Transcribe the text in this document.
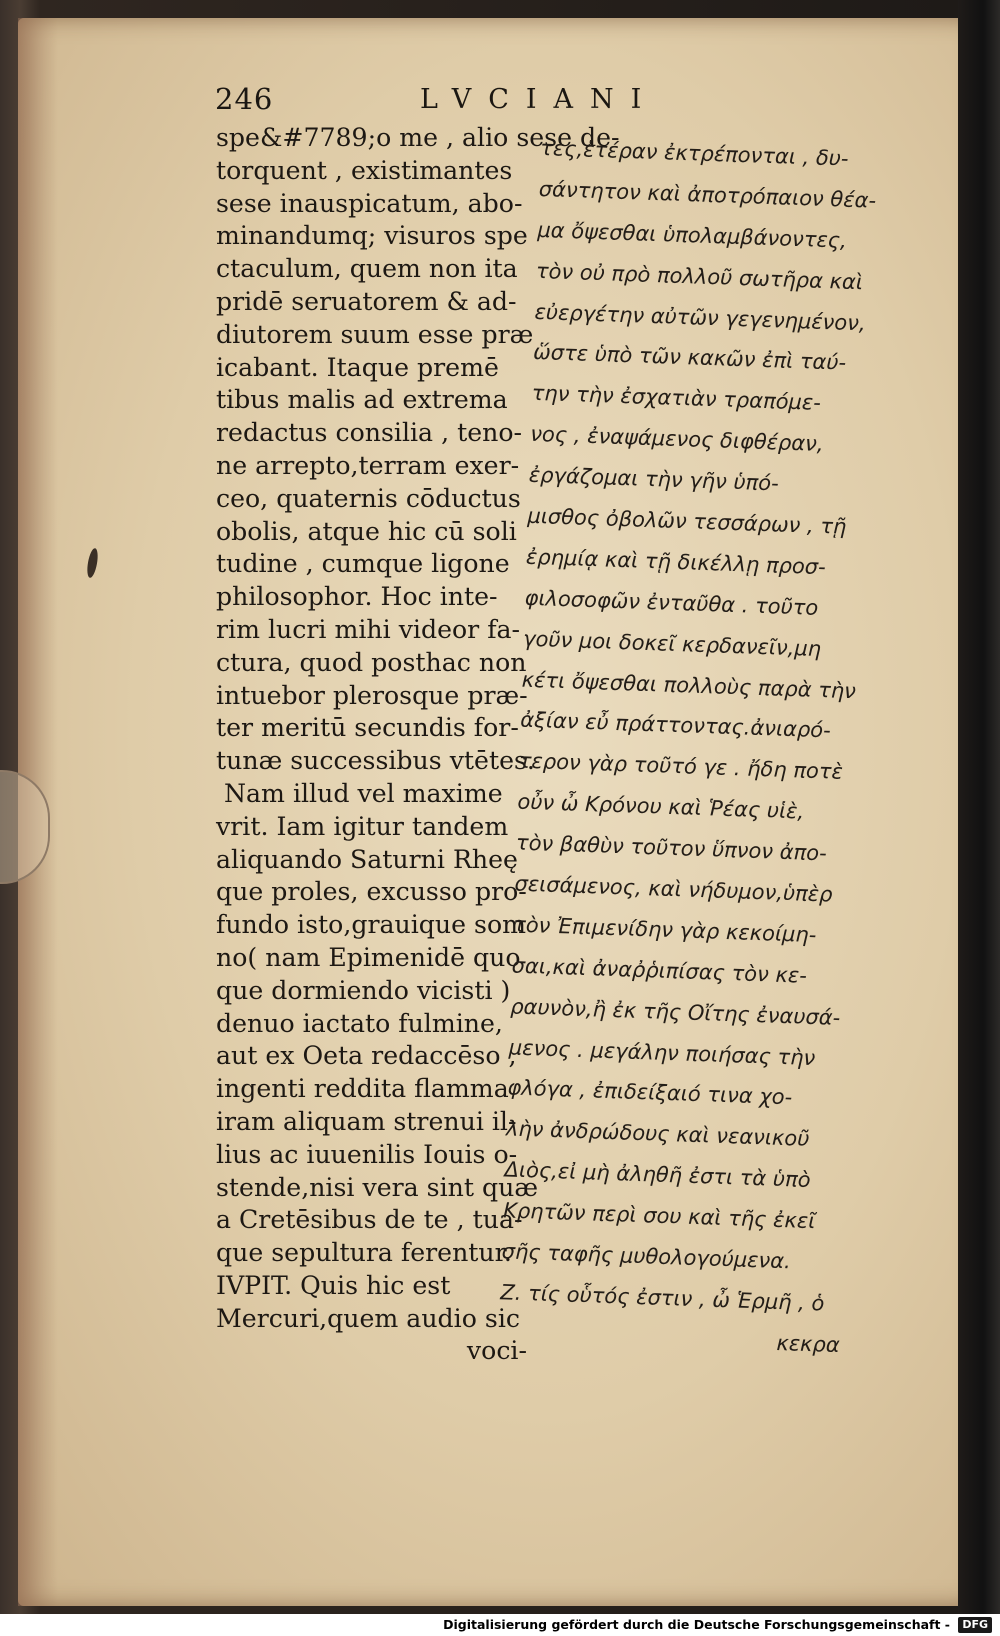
246	LVCIANI
spe&#7789;o me , alio sese de-
torquent , existimantes
sese inauspicatum, abo-
minandumq; visuros spe
ctaculum, quem non ita
pridē seruatorem & ad-
diutorem suum esse præ
icabant. Itaque premē
tibus malis ad extrema
redactus consilia , teno-
ne arrepto,terram exer-
ceo, quaternis cōductus
obolis, atque hic cū soli
tudine , cumque ligone
philosophor. Hoc inte-
rim lucri mihi videor fa-
ctura, quod posthac non
intuebor plerosque præ-
ter meritū secundis for-
tunæ successibus vtētes.
Nam illud vel maxime
vrit. Iam igitur tandem
aliquando Saturni Rheę
que proles, excusso pro-
fundo isto,grauique som
no( nam Epimenidē quo
que dormiendo vicisti )
denuo iactato fulmine,
aut ex Oeta redaccēso ,
ingenti reddita flamma
iram aliquam strenui il-
lius ac iuuenilis Iouis o-
stende,nisi vera sint quæ
a Cretēsibus de te , tua-
que sepultura ferentur.
IVPIT. Quis hic est
Mercuri,quem audio sic
voci-
τες,ἑτέραν ἐκτρέπονται , δυ-
σάντητον καὶ ἀποτρόπαιον θέα-
μα ὄψεσθαι ὑπολαμβάνοντες,
τὸν οὐ πρὸ πολλοῦ σωτῆρα καὶ
εὐεργέτην αὐτῶν γεγενημένον,
ὥστε ὑπὸ τῶν κακῶν ἐπὶ ταύ-
την τὴν ἐσχατιὰν τραπόμε-
νος , ἐναψάμενος διφθέραν,
ἐργάζομαι τὴν γῆν ὑπό-
μισθος ὀβολῶν τεσσάρων , τῇ
ἐρημίᾳ καὶ τῇ δικέλλῃ προσ-
φιλοσοφῶν ἐνταῦθα . τοῦτο
γοῦν μοι δοκεῖ κερδανεῖν,μη
κέτι ὄψεσθαι πολλοὺς παρὰ τὴν
ἀξίαν εὖ πράττοντας.ἀνιαρό-
τερον γὰρ τοῦτό γε . ἤδη ποτὲ
οὖν ὦ Κρόνου καὶ Ῥέας υἱὲ,
τὸν βαθὺν τοῦτον ὕπνον ἀπο-
σεισάμενος, καὶ νήδυμον,ὑπὲρ
τὸν Ἐπιμενίδην γὰρ κεκοίμη-
σαι,καὶ ἀναῤῥιπίσας τὸν κε-
ραυνὸν,ἢ ἐκ τῆς Οἴτης ἐναυσά-
μενος . μεγάλην ποιήσας τὴν
φλόγα , ἐπιδείξαιό τινα χο-
λὴν ἀνδρώδους καὶ νεανικοῦ
Διὸς,εἰ μὴ ἀληθῆ ἐστι τὰ ὑπὸ
Κρητῶν περὶ σου καὶ τῆς ἐκεῖ
σῆς ταφῆς μυθολογούμενα.
Ζ. τίς οὗτός ἐστιν , ὦ Ἑρμῆ , ὁ
κεκρα
Digitalisierung gefördert durch die Deutsche Forschungsgemeinschaft -	DFG
